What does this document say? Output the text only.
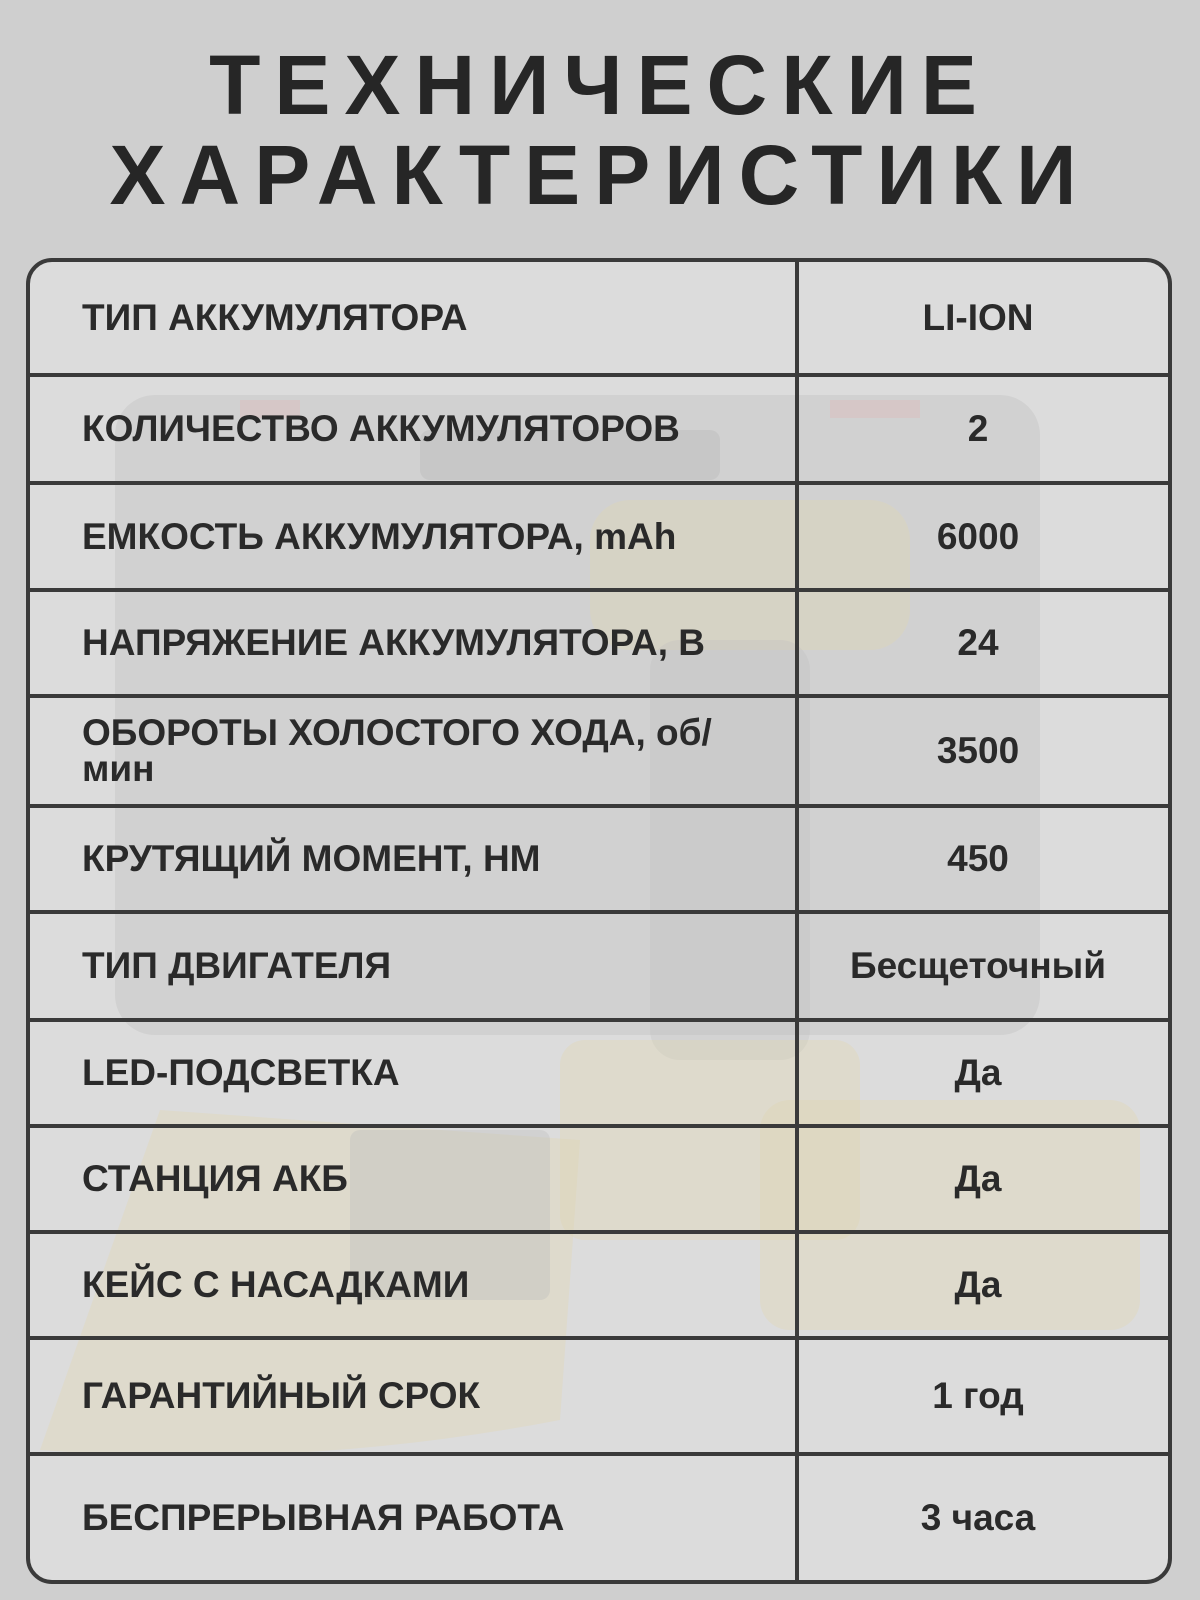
ТЕХНИЧЕСКИЕ
ХАРАКТЕРИСТИКИ
ТИП АККУМУЛЯТОРА	LI-ION
КОЛИЧЕСТВО АККУМУЛЯТОРОВ	2
ЕМКОСТЬ АККУМУЛЯТОРА, mAh	6000
НАПРЯЖЕНИЕ АККУМУЛЯТОРА, В	24
ОБОРОТЫ ХОЛОСТОГО ХОДА, об/мин	3500
КРУТЯЩИЙ МОМЕНТ, НМ	450
ТИП ДВИГАТЕЛЯ	Бесщеточный
LED-ПОДСВЕТКА	Да
СТАНЦИЯ АКБ	Да
КЕЙС С НАСАДКАМИ	Да
ГАРАНТИЙНЫЙ СРОК	1 год
БЕСПРЕРЫВНАЯ РАБОТА	3 часа
